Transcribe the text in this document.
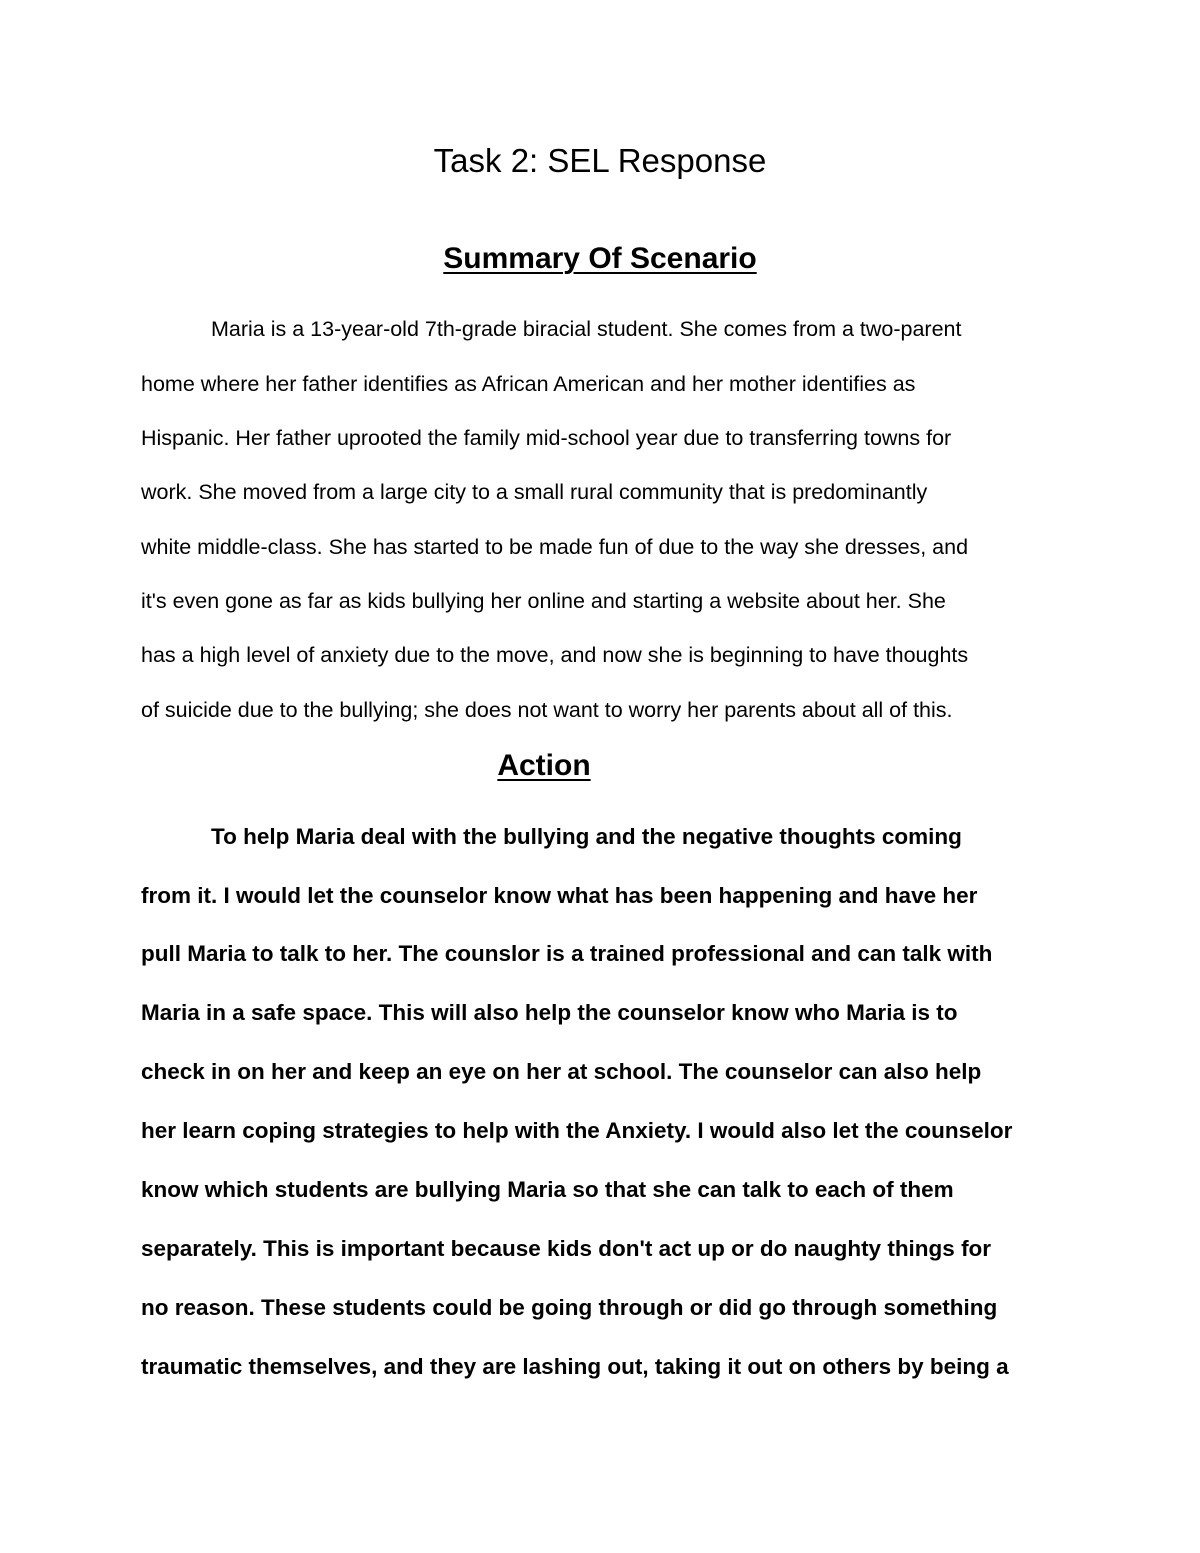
Task 2: SEL Response
Summary Of Scenario
Maria is a 13-year-old 7th-grade biracial student. She comes from a two-parent
home where her father identifies as African American and her mother identifies as
Hispanic. Her father uprooted the family mid-school year due to transferring towns for
work. She moved from a large city to a small rural community that is predominantly
white middle-class. She has started to be made fun of due to the way she dresses, and
it's even gone as far as kids bullying her online and starting a website about her. She
has a high level of anxiety due to the move, and now she is beginning to have thoughts
of suicide due to the bullying; she does not want to worry her parents about all of this.
Action
To help Maria deal with the bullying and the negative thoughts coming
from it. I would let the counselor know what has been happening and have her
pull Maria to talk to her. The counslor is a trained professional and can talk with
Maria in a safe space. This will also help the counselor know who Maria is to
check in on her and keep an eye on her at school. The counselor can also help
her learn coping strategies to help with the Anxiety. I would also let the counselor
know which students are bullying Maria so that she can talk to each of them
separately. This is important because kids don't act up or do naughty things for
no reason. These students could be going through or did go through something
traumatic themselves, and they are lashing out, taking it out on others by being a
